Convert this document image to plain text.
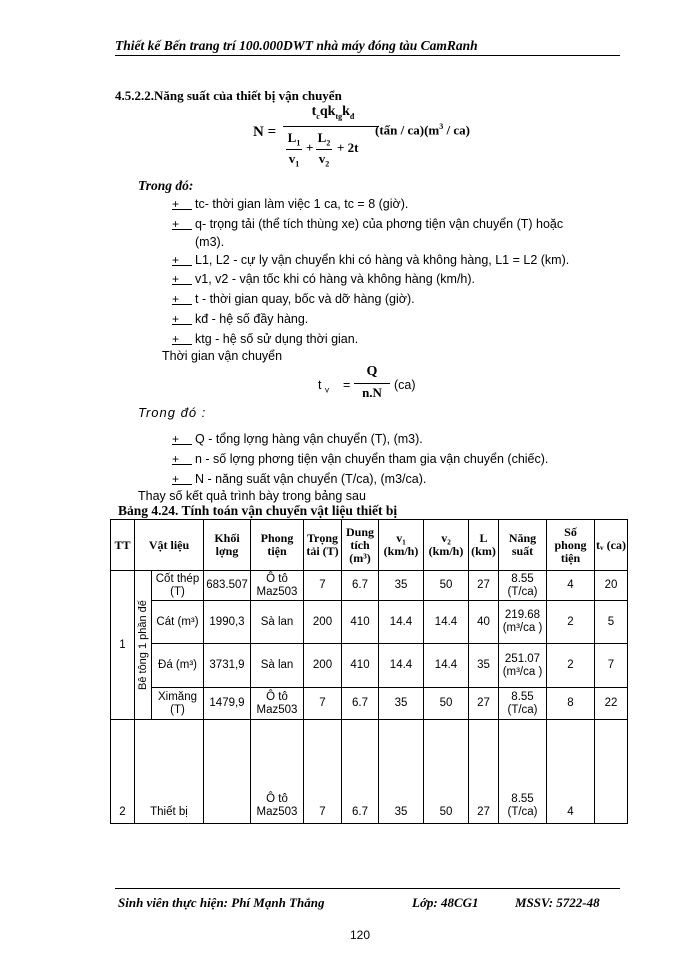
Thiết kế Bến trang trí 100.000DWT nhà máy đóng tàu CamRanh
4.5.2.2.Năng suất của thiết bị vận chuyển
N =
$t_cqk_{tg}k_đ$
$L_1$
$v_1$
+
$L_2$
$v_2$
+ 2t
(tấn / $ca)(m^3 / ca)$
Trong đó:
+ tc- thời gian làm việc 1 ca, tc = 8 (giờ).
+ q- trọng tải (thể tích thùng xe) của phơng tiện vận chuyển (T) hoặc
(m3).
+ L1, L2 - cự ly vận chuyển khi có hàng và không hàng, L1 = L2 (km).
+ v1, v2 - vận tốc khi có hàng và không hàng (km/h).
+ t - thời gian quay, bốc và dỡ hàng (giờ).
+ kđ - hệ số đầy hàng.
+ ktg - hệ số sử dụng thời gian.
Thời gian vận chuyển
t $_v$ =
Q
n.N (ca)
Trong đó :
+ Q - tổng lợng hàng vận chuyển (T), (m3).
+ n - số lợng phơng tiện vận chuyển tham gia vận chuyển (chiếc).
+ N - năng suất vận chuyển (T/ca), (m3/ca).
Thay số kết quả trình bày trong bảng sau
Bảng 4.24. Tính toán vận chuyển vật liệu thiết bị
TT	Vật liệu		Khối lợng	Phong tiện	Trọng tải (T)	Dung tích (m³)	v₁ (km/h)	v₂ (km/h)	L (km)	Năng suất	Số phong tiện	tᵥ (ca)
1	Bê tông 1 phần đế	Cốt thép (T)	683.507	Ô tô Maz503	7	6.7	35	50	27	8.55 (T/ca)	4	20
		Cát (m³)	1990,3	Sà lan	200	410	14.4	14.4	40	219.68 (m³/ca )	2	5
		Đá (m³)	3731,9	Sà lan	200	410	14.4	14.4	35	251.07 (m³/ca )	2	7
		Ximăng (T)	1479,9	Ô tô Maz503	7	6.7	35	50	27	8.55 (T/ca)	8	22
2	Thiết bị			Ô tô Maz503	7	6.7	35	50	27	8.55 (T/ca)	4	
Sinh viên thực hiện: Phí Mạnh Thắng	Lớp: 48CG1	MSSV: 5722-48
120
